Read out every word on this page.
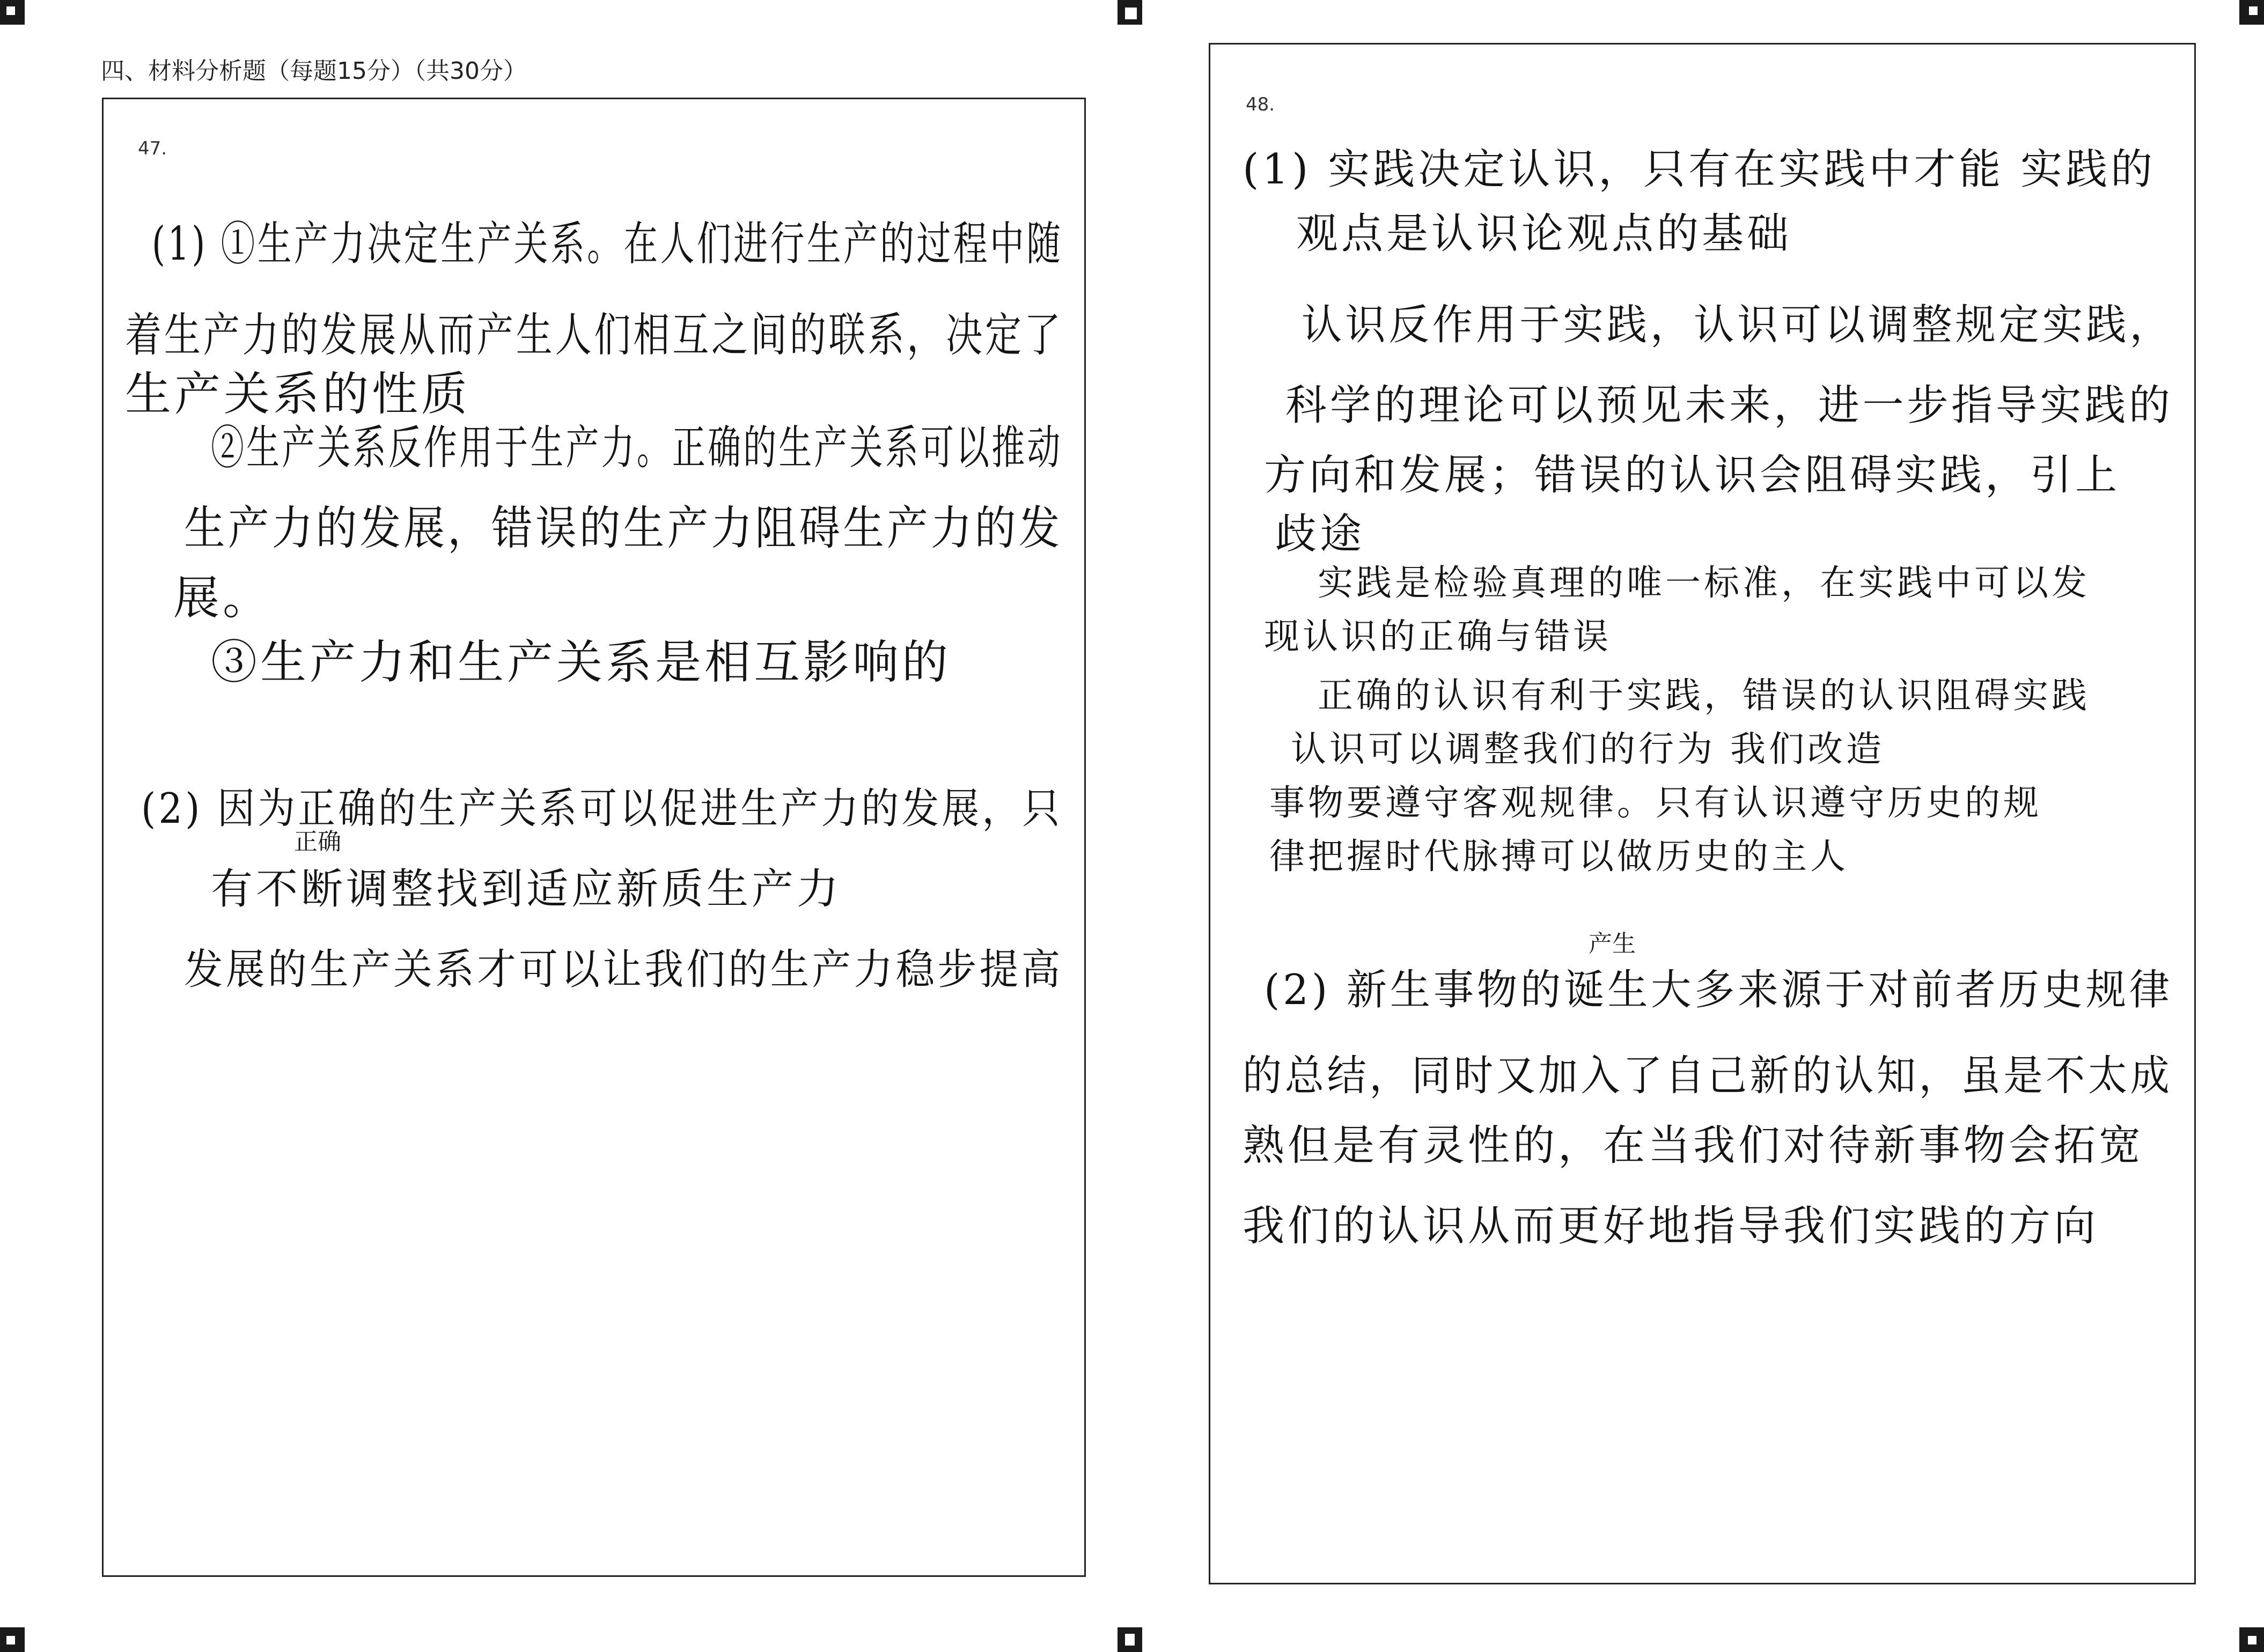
四、材料分析题（每题15分）（共30分）
47.
(1) ①生产力决定生产关系。在人们进行生产的过程中随
着生产力的发展从而产生人们相互之间的联系，决定了
生产关系的性质
②生产关系反作用于生产力。正确的生产关系可以推动
生产力的发展，错误的生产力阻碍生产力的发
展。
③生产力和生产关系是相互影响的
(2) 因为正确的生产关系可以促进生产力的发展，只
正确
有不断调整找到适应新质生产力
发展的生产关系才可以让我们的生产力稳步提高
48.
(1) 实践决定认识，只有在实践中才能 实践的
观点是认识论观点的基础
认识反作用于实践，认识可以调整规定实践，
科学的理论可以预见未来，进一步指导实践的
方向和发展；错误的认识会阻碍实践，引上
歧途
实践是检验真理的唯一标准，在实践中可以发
现认识的正确与错误
正确的认识有利于实践，错误的认识阻碍实践
认识可以调整我们的行为 我们改造
事物要遵守客观规律。只有认识遵守历史的规
律把握时代脉搏可以做历史的主人
产生
(2) 新生事物的诞生大多来源于对前者历史规律
的总结，同时又加入了自己新的认知，虽是不太成
熟但是有灵性的，在当我们对待新事物会拓宽
我们的认识从而更好地指导我们实践的方向
